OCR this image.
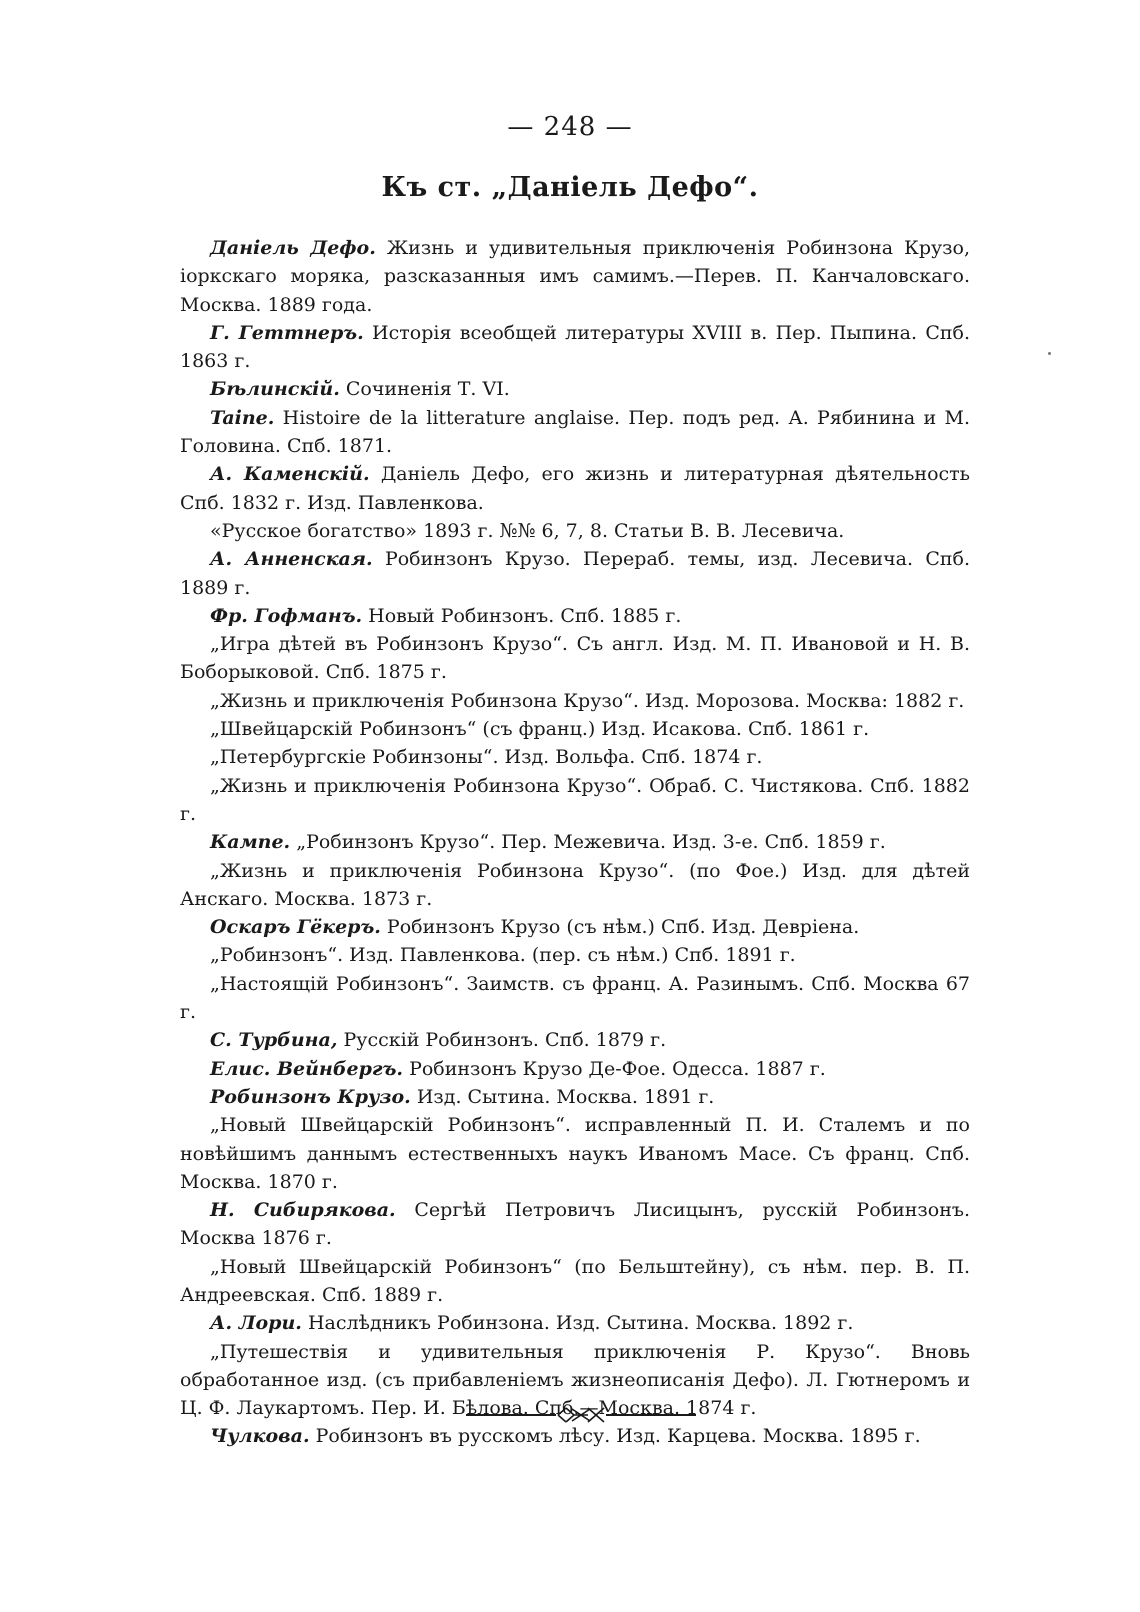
— 248 —
Къ ст. „Даніель Дефо“.

Даніель Дефо. Жизнь и удивительныя приключенія Робинзона Крузо, іоркскаго моряка, разсказанныя имъ самимъ.—Перев. П. Канчаловскаго. Москва. 1889 года.

Г. Геттнеръ. Исторія всеобщей литературы XVIII в. Пер. Пыпина. Спб. 1863 г.

Бѣлинскій. Сочиненія Т. VI.

Taine. Histoire de la litterature anglaise. Пер. подъ ред. А. Рябинина и М. Головина. Спб. 1871.

А. Каменскій. Даніель Дефо, его жизнь и литературная дѣятельность Спб. 1832 г. Изд. Павленкова.

«Русское богатство» 1893 г. №№ 6, 7, 8. Статьи В. В. Лесевича.

А. Анненская. Робинзонъ Крузо. Перераб. темы, изд. Лесевича. Спб. 1889 г.

Фр. Гофманъ. Новый Робинзонъ. Спб. 1885 г.

„Игра дѣтей въ Робинзонъ Крузо“. Съ англ. Изд. М. П. Ивановой и Н. В. Боборыковой. Спб. 1875 г.

„Жизнь и приключенія Робинзона Крузо“. Изд. Морозова. Москва: 1882 г.

„Швейцарскій Робинзонъ“ (съ франц.) Изд. Исакова. Спб. 1861 г.

„Петербургскіе Робинзоны“. Изд. Вольфа. Спб. 1874 г.

„Жизнь и приключенія Робинзона Крузо“. Обраб. С. Чистякова. Спб. 1882 г.

Кампе. „Робинзонъ Крузо“. Пер. Межевича. Изд. 3-е. Спб. 1859 г.

„Жизнь и приключенія Робинзона Крузо“. (по Фое.) Изд. для дѣтей Анскаго. Москва. 1873 г.

Оскаръ Гёкеръ. Робинзонъ Крузо (съ нѣм.) Спб. Изд. Девріена.

„Робинзонъ“. Изд. Павленкова. (пер. съ нѣм.) Спб. 1891 г.

„Настоящій Робинзонъ“. Заимств. съ франц. А. Разинымъ. Спб. Москва 67 г.

С. Турбина, Русскій Робинзонъ. Спб. 1879 г.

Елис. Вейнбергъ. Робинзонъ Крузо Де-Фое. Одесса. 1887 г.

Робинзонъ Крузо. Изд. Сытина. Москва. 1891 г.

„Новый Швейцарскій Робинзонъ“. исправленный П. И. Сталемъ и по новѣйшимъ даннымъ естественныхъ наукъ Иваномъ Масе. Съ франц. Спб. Москва. 1870 г.

Н. Сибирякова. Сергѣй Петровичъ Лисицынъ, русскій Робинзонъ. Москва 1876 г.

„Новый Швейцарскій Робинзонъ“ (по Бельштейну), съ нѣм. пер. В. П. Андреевская. Спб. 1889 г.

А. Лори. Наслѣдникъ Робинзона. Изд. Сытина. Москва. 1892 г.

„Путешествія и удивительныя приключенія Р. Крузо“. Вновь обработанное изд. (съ прибавленіемъ жизнеописанія Дефо). Л. Гютнеромъ и Ц. Ф. Лаукартомъ. Пер. И. Бѣлова. Спб.—Москва. 1874 г.

Чулкова. Робинзонъ въ русскомъ лѣсу. Изд. Карцева. Москва. 1895 г.
